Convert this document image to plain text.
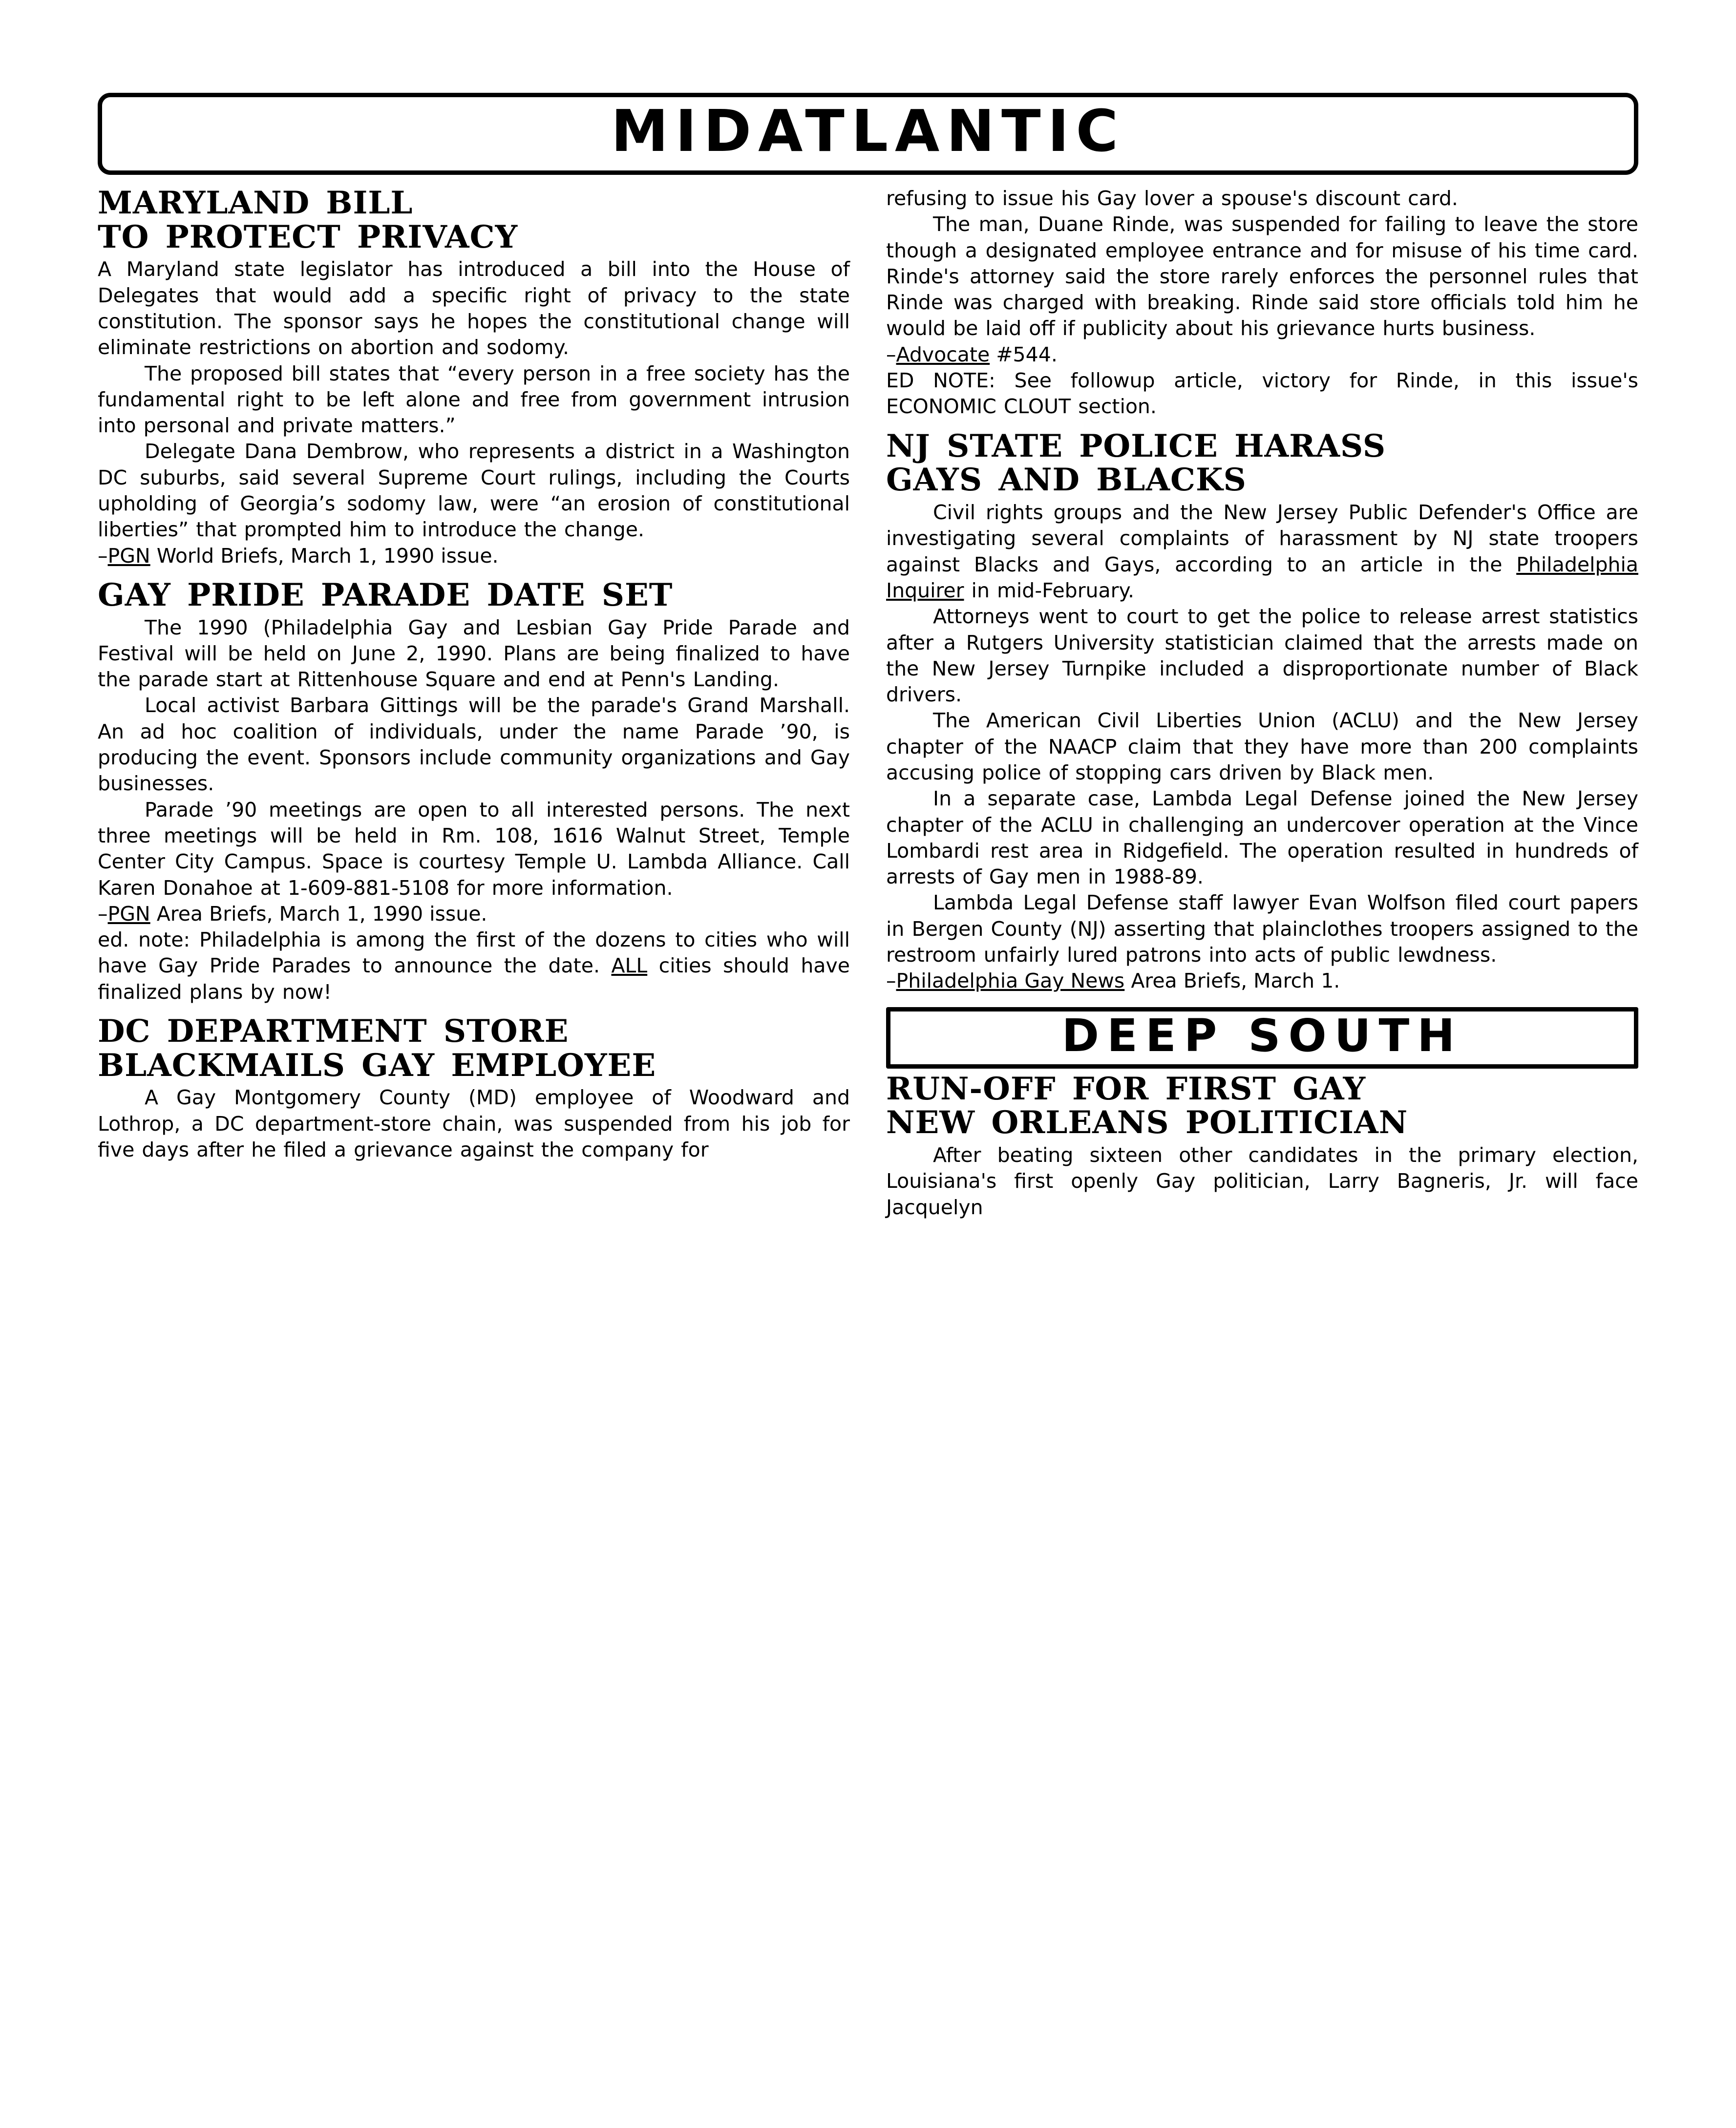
MIDATLANTIC
MARYLAND BILL
TO PROTECT PRIVACY

A Maryland state legislator has introduced a bill into the House of Delegates that would add a specific right of privacy to the state constitution. The sponsor says he hopes the constitutional change will eliminate restrictions on abortion and sodomy.

The proposed bill states that “every person in a free society has the fundamental right to be left alone and free from government intrusion into personal and private matters.”

Delegate Dana Dembrow, who represents a district in a Washington DC suburbs, said several Supreme Court rulings, including the Courts upholding of Georgia’s sodomy law, were “an erosion of constitutional liberties” that prompted him to introduce the change.

–PGN World Briefs, March 1, 1990 issue.

GAY PRIDE PARADE DATE SET

The 1990 (Philadelphia Gay and Lesbian Gay Pride Parade and Festival will be held on June 2, 1990. Plans are being finalized to have the parade start at Rittenhouse Square and end at Penn's Landing.

Local activist Barbara Gittings will be the parade's Grand Marshall. An ad hoc coalition of individuals, under the name Parade ’90, is producing the event. Sponsors include community organizations and Gay businesses.

Parade ’90 meetings are open to all interested persons. The next three meetings will be held in Rm. 108, 1616 Walnut Street, Temple Center City Campus. Space is courtesy Temple U. Lambda Alliance. Call Karen Donahoe at 1-609-881-5108 for more information.

–PGN Area Briefs, March 1, 1990 issue.

ed. note: Philadelphia is among the first of the dozens to cities who will have Gay Pride Parades to announce the date. ALL cities should have finalized plans by now!

DC DEPARTMENT STORE
BLACKMAILS GAY EMPLOYEE

A Gay Montgomery County (MD) employee of Woodward and Lothrop, a DC department-store chain, was suspended from his job for five days after he filed a grievance against the company for

refusing to issue his Gay lover a spouse's discount card.

The man, Duane Rinde, was suspended for failing to leave the store though a designated employee entrance and for misuse of his time card. Rinde's attorney said the store rarely enforces the personnel rules that Rinde was charged with breaking. Rinde said store officials told him he would be laid off if publicity about his grievance hurts business.

–Advocate #544.

ED NOTE: See followup article, victory for Rinde, in this issue's ECONOMIC CLOUT section.

NJ STATE POLICE HARASS
GAYS AND BLACKS

Civil rights groups and the New Jersey Public Defender's Office are investigating several complaints of harassment by NJ state troopers against Blacks and Gays, according to an article in the Philadelphia Inquirer in mid-February.

Attorneys went to court to get the police to release arrest statistics after a Rutgers University statistician claimed that the arrests made on the New Jersey Turnpike included a disproportionate number of Black drivers.

The American Civil Liberties Union (ACLU) and the New Jersey chapter of the NAACP claim that they have more than 200 complaints accusing police of stopping cars driven by Black men.

In a separate case, Lambda Legal Defense joined the New Jersey chapter of the ACLU in challenging an undercover operation at the Vince Lombardi rest area in Ridgefield. The operation resulted in hundreds of arrests of Gay men in 1988-89.

Lambda Legal Defense staff lawyer Evan Wolfson filed court papers in Bergen County (NJ) asserting that plainclothes troopers assigned to the restroom unfairly lured patrons into acts of public lewdness.

–Philadelphia Gay News Area Briefs, March 1.

DEEP SOUTH
RUN-OFF FOR FIRST GAY
NEW ORLEANS POLITICIAN

After beating sixteen other candidates in the primary election, Louisiana's first openly Gay politician, Larry Bagneris, Jr. will face Jacquelyn
